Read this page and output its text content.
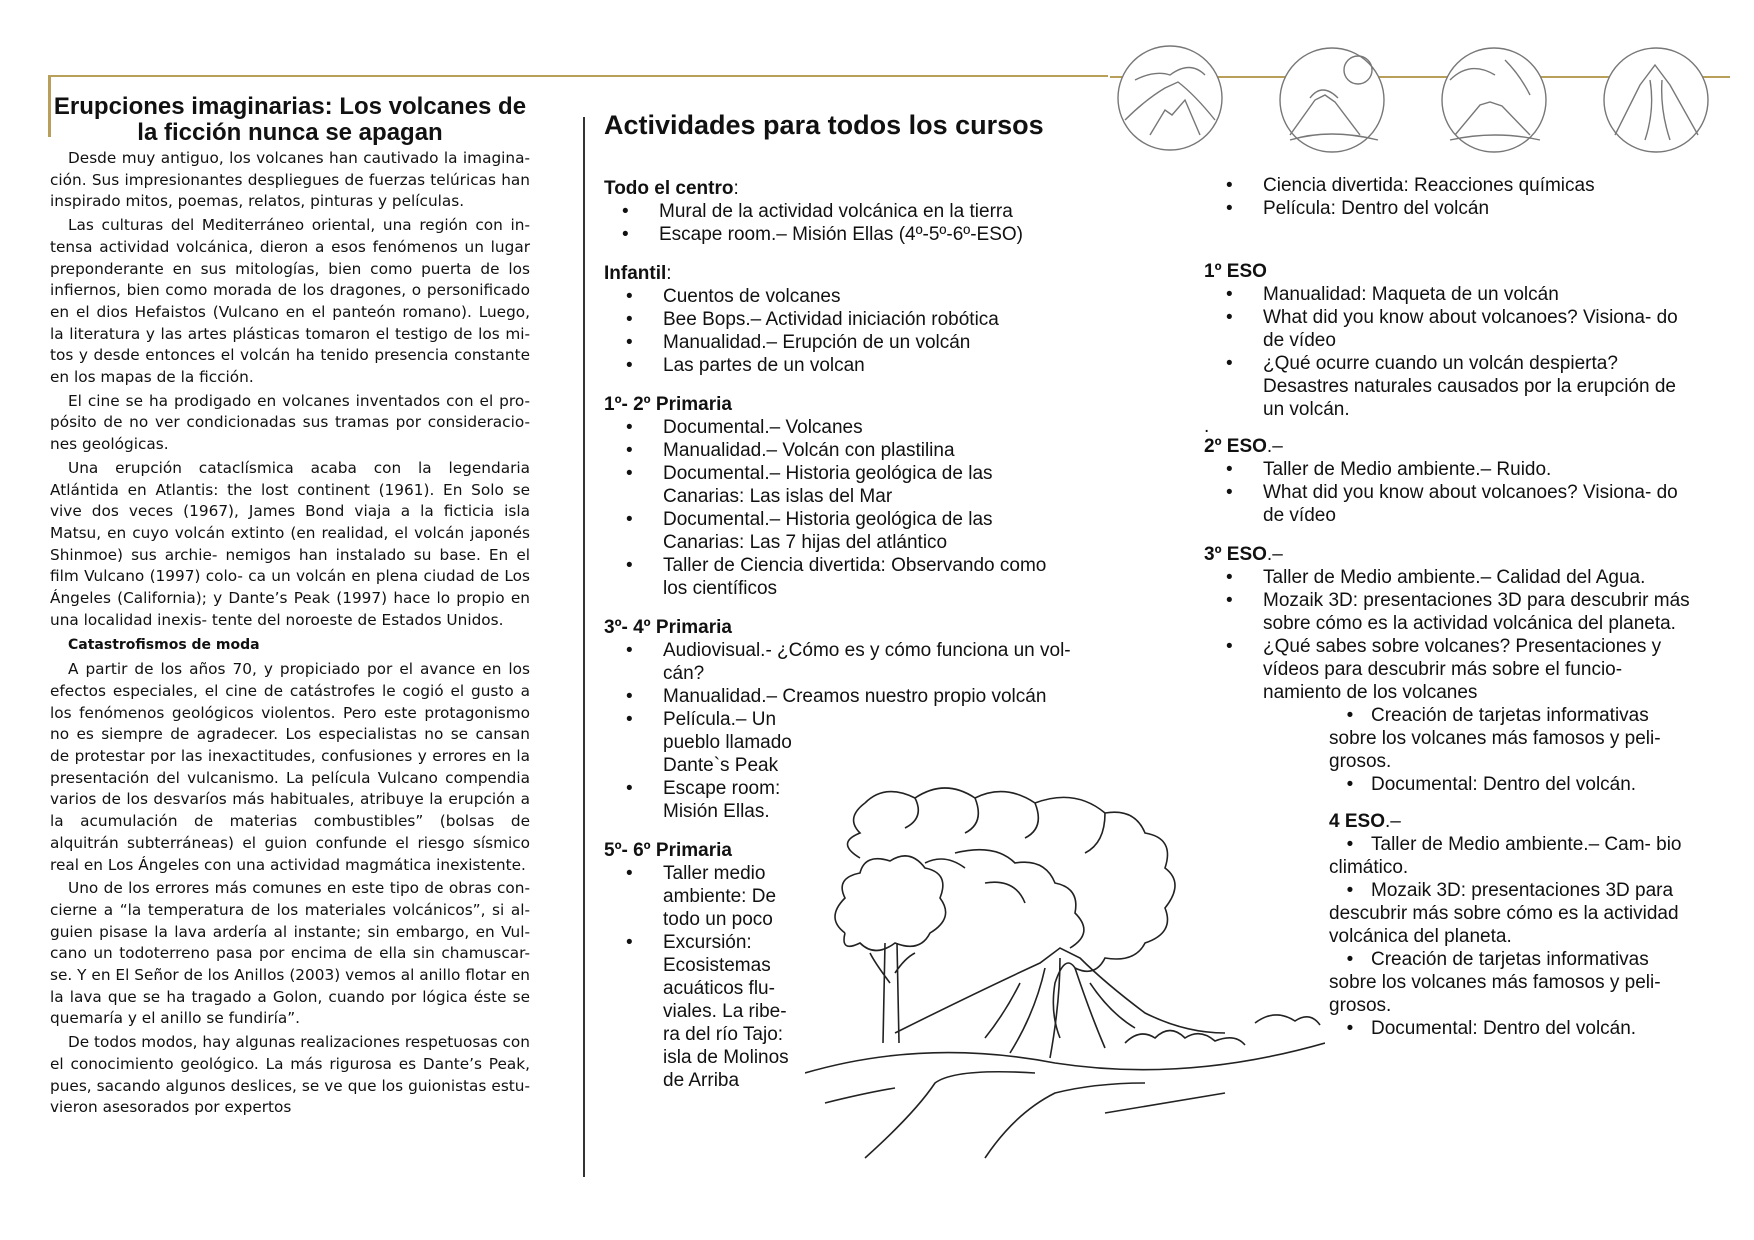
Erupciones imaginarias: Los volcanes de la ficción nunca se apagan

Desde muy antiguo, los volcanes han cautivado la imagina- ción. Sus impresionantes despliegues de fuerzas telúricas han inspirado mitos, poemas, relatos, pinturas y películas.

Las culturas del Mediterráneo oriental, una región con in- tensa actividad volcánica, dieron a esos fenómenos un lugar preponderante en sus mitologías, bien como puerta de los infiernos, bien como morada de los dragones, o personificado en el dios Hefaistos (Vulcano en el panteón romano). Luego, la literatura y las artes plásticas tomaron el testigo de los mi- tos y desde entonces el volcán ha tenido presencia constante en los mapas de la ficción.

El cine se ha prodigado en volcanes inventados con el pro- pósito de no ver condicionadas sus tramas por consideracio- nes geológicas.

Una erupción cataclísmica acaba con la legendaria Atlántida en Atlantis: the lost continent (1961). En Solo se vive dos veces (1967), James Bond viaja a la ficticia isla Matsu, en cuyo volcán extinto (en realidad, el volcán japonés Shinmoe) sus archie- nemigos han instalado su base. En el film Vulcano (1997) colo- ca un volcán en plena ciudad de Los Ángeles (California); y Dante’s Peak (1997) hace lo propio en una localidad inexis- tente del noroeste de Estados Unidos.

Catastrofismos de moda

A partir de los años 70, y propiciado por el avance en los efectos especiales, el cine de catástrofes le cogió el gusto a los fenómenos geológicos violentos. Pero este protagonismo no es siempre de agradecer. Los especialistas no se cansan de protestar por las inexactitudes, confusiones y errores en la presentación del vulcanismo. La película Vulcano compendia varios de los desvaríos más habituales, atribuye la erupción a la acumulación de materias combustibles” (bolsas de alquitrán subterráneas) el guion confunde el riesgo sísmico real en Los Ángeles con una actividad magmática inexistente.

Uno de los errores más comunes en este tipo de obras con- cierne a “la temperatura de los materiales volcánicos”, si al- guien pisase la lava ardería al instante; sin embargo, en Vul- cano un todoterreno pasa por encima de ella sin chamuscar- se. Y en El Señor de los Anillos (2003) vemos al anillo flotar en la lava que se ha tragado a Golon, cuando por lógica éste se quemaría y el anillo se fundiría”.

De todos modos, hay algunas realizaciones respetuosas con el conocimiento geológico. La más rigurosa es Dante’s Peak, pues, sacando algunos deslices, se ve que los guionistas estu- vieron asesorados por expertos

Actividades para todos los cursos
Todo el centro:
• Mural de la actividad volcánica en la tierra
• Escape room.– Misión Ellas (4º-5º-6º-ESO)
Infantil:
• Cuentos de volcanes
• Bee Bops.– Actividad iniciación robótica
• Manualidad.– Erupción de un volcán
• Las partes de un volcan
1º- 2º Primaria
• Documental.– Volcanes
• Manualidad.– Volcán con plastilina
• Documental.– Historia geológica de las Canarias: Las islas del Mar
• Documental.– Historia geológica de las Canarias: Las 7 hijas del atlántico
• Taller de Ciencia divertida: Observando como los científicos
3º- 4º Primaria
• Audiovisual.- ¿Cómo es y cómo funciona un vol- cán?
• Manualidad.– Creamos nuestro propio volcán
• Película.– Un pueblo llamado Dante`s Peak
• Escape room: Misión Ellas.
5º- 6º Primaria
• Taller medio ambiente: De todo un poco
• Excursión: Ecosistemas acuáticos flu- viales. La ribe- ra del río Tajo: isla de Molinos de Arriba
• Ciencia divertida: Reacciones químicas
• Película: Dentro del volcán
1º ESO
• Manualidad: Maqueta de un volcán
• What did you know about volcanoes? Visiona- do de vídeo
• ¿Qué ocurre cuando un volcán despierta? Desastres naturales causados por la erupción de un volcán.
.
2º ESO.–
• Taller de Medio ambiente.– Ruido.
• What did you know about volcanoes? Visiona- do de vídeo
3º ESO.–
• Taller de Medio ambiente.– Calidad del Agua.
• Mozaik 3D: presentaciones 3D para descubrir más sobre cómo es la actividad volcánica del planeta.
• ¿Qué sabes sobre volcanes? Presentaciones y vídeos para descubrir más sobre el funcio- namiento de los volcanes
• Creación de tarjetas informativas sobre los volcanes más famosos y peli- grosos.
• Documental: Dentro del volcán.
4 ESO.–
• Taller de Medio ambiente.– Cam- bio climático.
• Mozaik 3D: presentaciones 3D para descubrir más sobre cómo es la actividad volcánica del planeta.
• Creación de tarjetas informativas sobre los volcanes más famosos y peli- grosos.
• Documental: Dentro del volcán.
